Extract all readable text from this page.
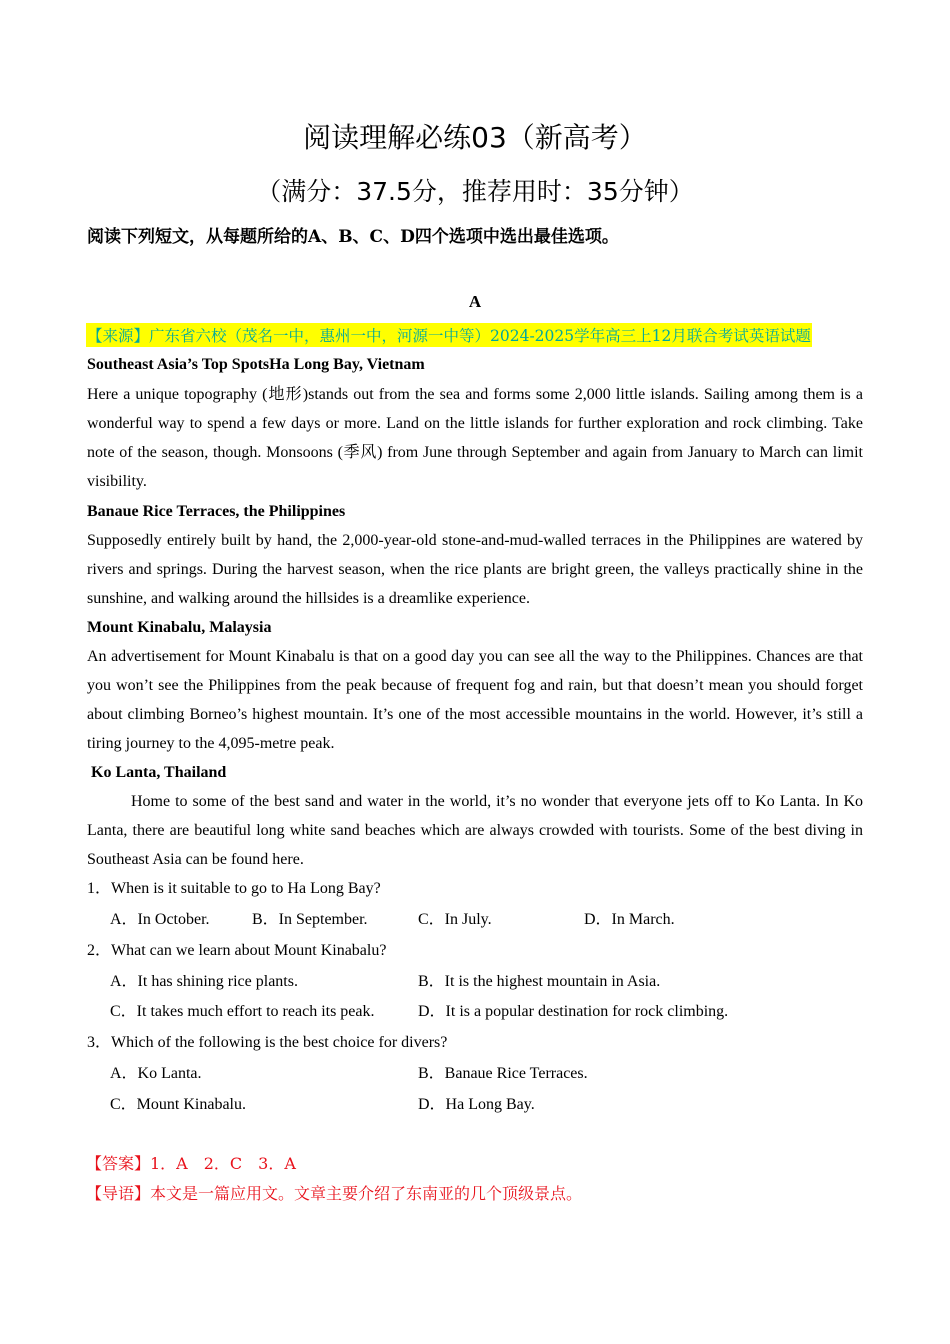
阅读理解必练03（新高考）
（满分：37.5分，推荐用时：35分钟）
阅读下列短文，从每题所给的A、B、C、D四个选项中选出最佳选项。
A
【来源】广东省六校（茂名一中，惠州一中，河源一中等）2024-2025学年高三上12月联合考试英语试题
Southeast Asia’s Top SpotsHa Long Bay, Vietnam
Here a unique topography (地形)stands out from the sea and forms some 2,000 little islands. Sailing among them is a wonderful way to spend a few days or more. Land on the little islands for further exploration and rock climbing. Take note of the season, though. Monsoons (季风) from June through September and again from January to March can limit visibility.
Banaue Rice Terraces, the Philippines
Supposedly entirely built by hand, the 2,000-year-old stone-and-mud-walled terraces in the Philippines are watered by rivers and springs. During the harvest season, when the rice plants are bright green, the valleys practically shine in the sunshine, and walking around the hillsides is a dreamlike experience.
Mount Kinabalu, Malaysia
An advertisement for Mount Kinabalu is that on a good day you can see all the way to the Philippines. Chances are that you won’t see the Philippines from the peak because of frequent fog and rain, but that doesn’t mean you should forget about climbing Borneo’s highest mountain. It’s one of the most accessible mountains in the world. However, it’s still a tiring journey to the 4,095-metre peak.
Ko Lanta, Thailand
Home to some of the best sand and water in the world, it’s no wonder that everyone jets off to Ko Lanta. In Ko Lanta, there are beautiful long white sand beaches which are always crowded with tourists. Some of the best diving in Southeast Asia can be found here.
1．When is it suitable to go to Ha Long Bay?
A．In October.	B．In September.	C．In July.	D．In March.
2．What can we learn about Mount Kinabalu?
A．It has shining rice plants.	B．It is the highest mountain in Asia.
C．It takes much effort to reach its peak.	D．It is a popular destination for rock climbing.
3．Which of the following is the best choice for divers?
A．Ko Lanta.	B．Banaue Rice Terraces.
C．Mount Kinabalu.	D．Ha Long Bay.
【答案】1．A　2．C　3．A
【导语】本文是一篇应用文。文章主要介绍了东南亚的几个顶级景点。
